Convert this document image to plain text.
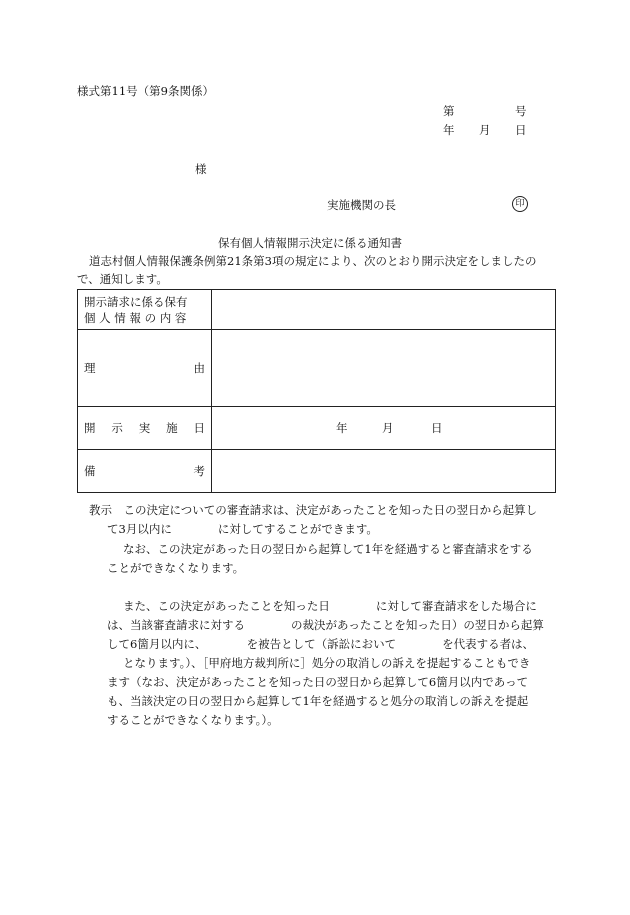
様式第11号（第9条関係）
第	号
年 月 日
様
実施機関の長	印
保有個人情報開示決定に係る通知書
道志村個人情報保護条例第21条第3項の規定により、次のとおり開示決定をしましたの
で、通知します。
開示請求に係る保有
個 人 情 報 の 内 容	

理 由	

開 示 実 施 日	年 月 日

備 考	

教示　この決定についての審査請求は、決定があったことを知った日の翌日から起算し
て3月以内に　　　　に対してすることができます。
なお、この決定があった日の翌日から起算して1年を経過すると審査請求をする
ことができなくなります。
また、この決定があったことを知った日　　　　に対して審査請求をした場合に
は、当該審査請求に対する　　　　の裁決があったことを知った日）の翌日から起算
して6箇月以内に、　　　　を被告として（訴訟において　　　　を代表する者は、
となります。）、［甲府地方裁判所に］処分の取消しの訴えを提起することもでき
ます（なお、決定があったことを知った日の翌日から起算して6箇月以内であって
も、当該決定の日の翌日から起算して1年を経過すると処分の取消しの訴えを提起
することができなくなります。）。
